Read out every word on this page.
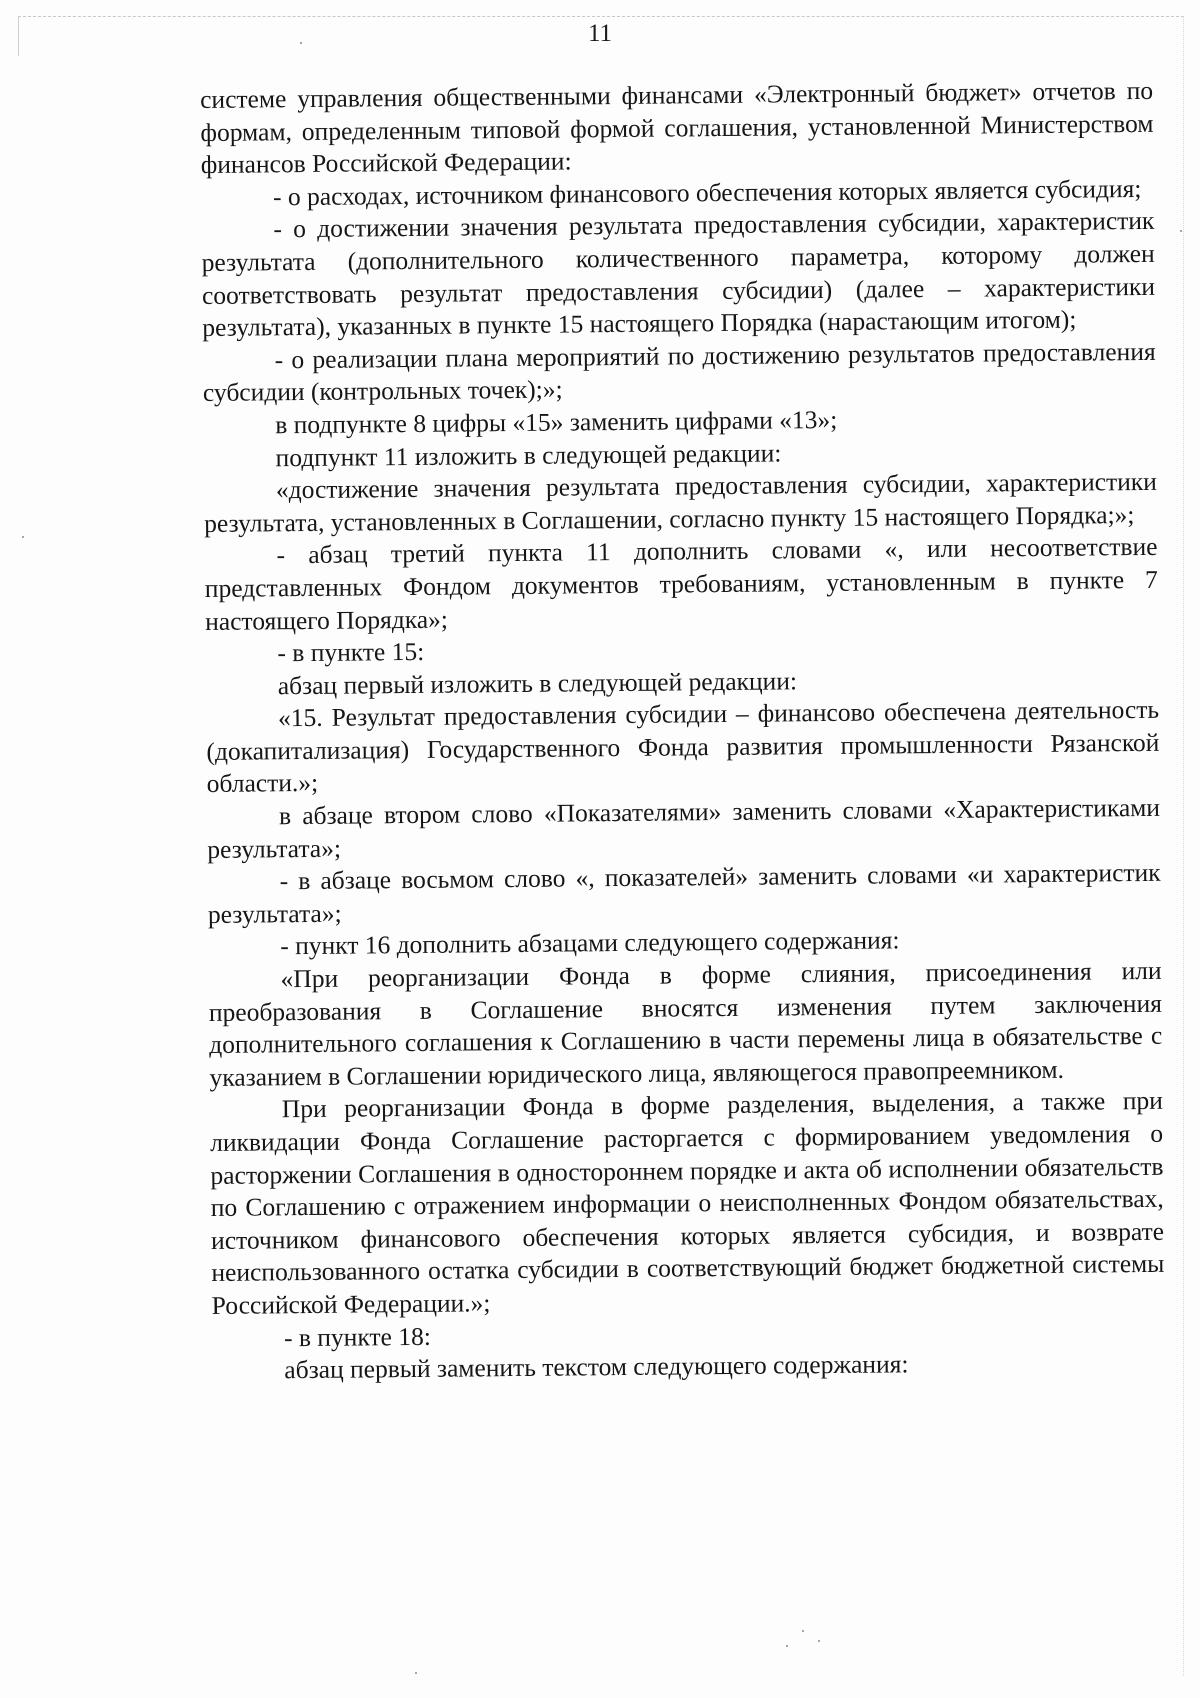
11

системе управления общественными финансами «Электронный бюджет» отчетов по формам, определенным типовой формой соглашения, установленной Министерством финансов Российской Федерации:

- о расходах, источником финансового обеспечения которых является субсидия;

- о достижении значения результата предоставления субсидии, характеристик результата (дополнительного количественного параметра, которому должен соответствовать результат предоставления субсидии) (далее – характеристики результата), указанных в пункте 15 настоящего Порядка (нарастающим итогом);

- о реализации плана мероприятий по достижению результатов предоставления субсидии (контрольных точек);»;

в подпункте 8 цифры «15» заменить цифрами «13»;

подпункт 11 изложить в следующей редакции:

«достижение значения результата предоставления субсидии, характеристики результата, установленных в Соглашении, согласно пункту 15 настоящего Порядка;»;

- абзац третий пункта 11 дополнить словами «, или несоответствие представленных Фондом документов требованиям, установленным в пункте 7 настоящего Порядка»;

- в пункте 15:

абзац первый изложить в следующей редакции:

«15. Результат предоставления субсидии – финансово обеспечена деятельность (докапитализация) Государственного Фонда развития промышленности Рязанской области.»;

в абзаце втором слово «Показателями» заменить словами «Характеристиками результата»;

- в абзаце восьмом слово «, показателей» заменить словами «и характеристик результата»;

- пункт 16 дополнить абзацами следующего содержания:

«При реорганизации Фонда в форме слияния, присоединения или преобразования в Соглашение вносятся изменения путем заключения дополнительного соглашения к Соглашению в части перемены лица в обязательстве с указанием в Соглашении юридического лица, являющегося правопреемником.

При реорганизации Фонда в форме разделения, выделения, а также при ликвидации Фонда Соглашение расторгается с формированием уведомления о расторжении Соглашения в одностороннем порядке и акта об исполнении обязательств по Соглашению с отражением информации о неисполненных Фондом обязательствах, источником финансового обеспечения которых является субсидия, и возврате неиспользованного остатка субсидии в соответствующий бюджет бюджетной системы Российской Федерации.»;

- в пункте 18:

абзац первый заменить текстом следующего содержания:
